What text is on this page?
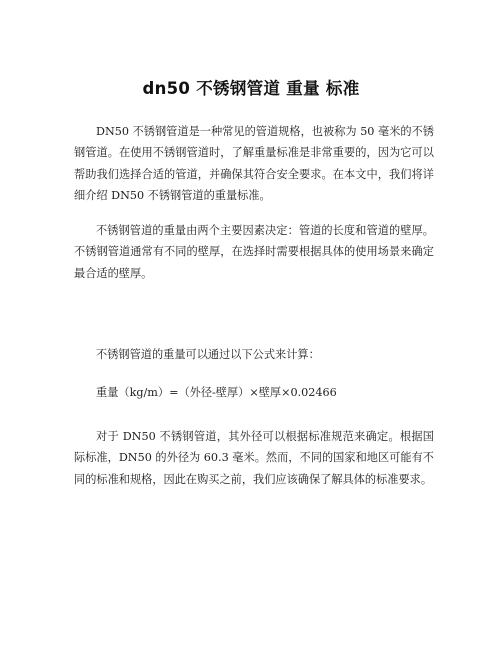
dn50 不锈钢管道 重量 标准

DN50 不锈钢管道是一种常见的管道规格，也被称为 50 毫米的不锈钢管道。在使用不锈钢管道时，了解重量标准是非常重要的，因为它可以帮助我们选择合适的管道，并确保其符合安全要求。在本文中，我们将详细介绍 DN50 不锈钢管道的重量标准。

不锈钢管道的重量由两个主要因素决定：管道的长度和管道的壁厚。不锈钢管道通常有不同的壁厚，在选择时需要根据具体的使用场景来确定最合适的壁厚。

不锈钢管道的重量可以通过以下公式来计算：

重量（kg/m）=（外径-壁厚）×壁厚×0.02466

对于 DN50 不锈钢管道，其外径可以根据标准规范来确定。根据国际标准，DN50 的外径为 60.3 毫米。然而，不同的国家和地区可能有不同的标准和规格，因此在购买之前，我们应该确保了解具体的标准要求。
